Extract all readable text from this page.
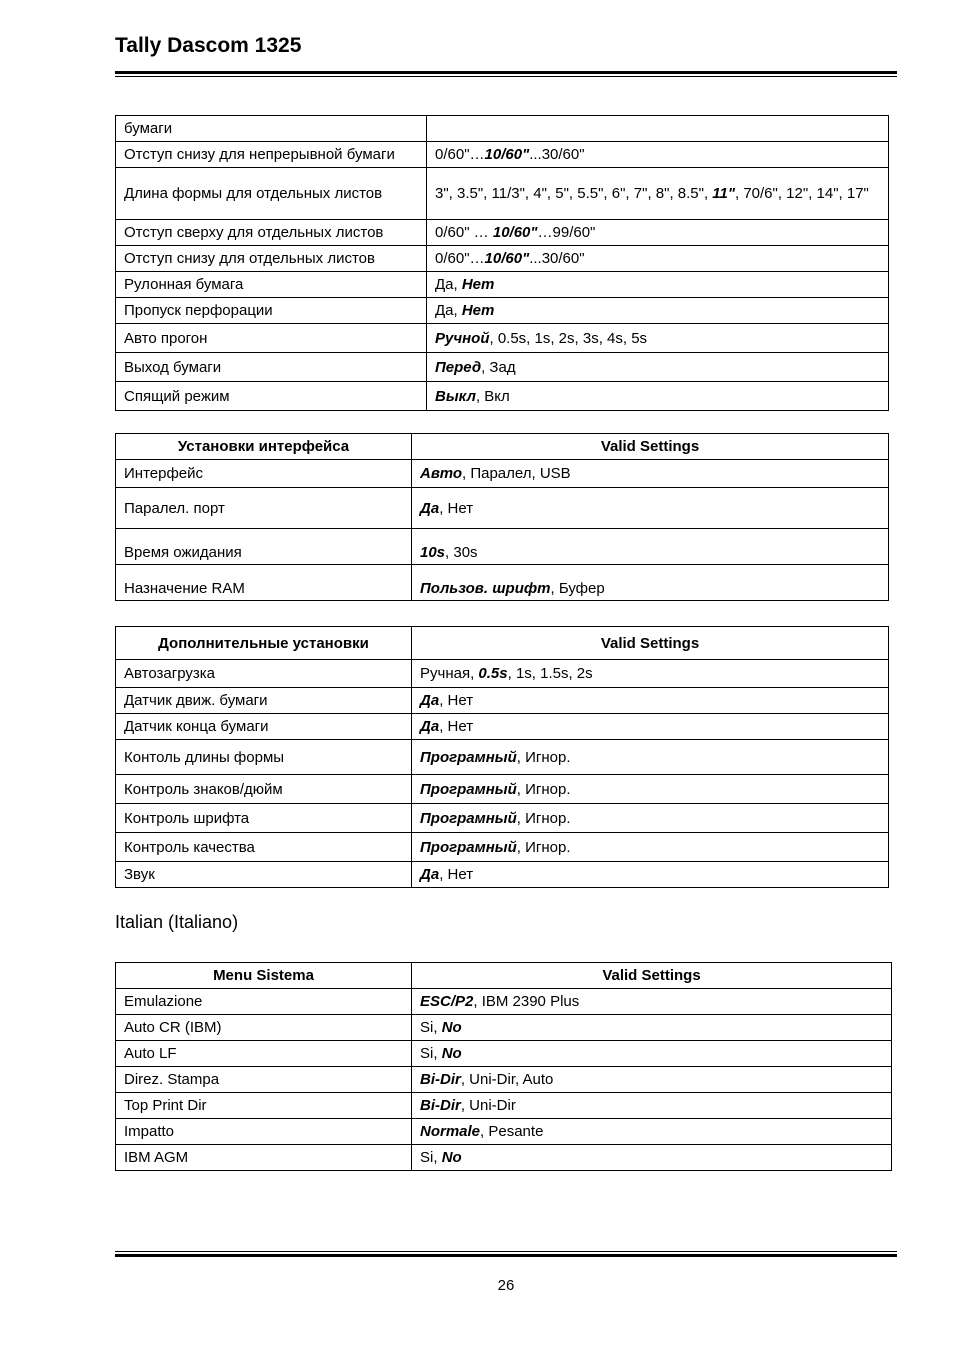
Tally Dascom 1325
бумаги	
Отступ снизу для непрерывной бумаги	0/60"…10/60"...30/60"
Длина формы для отдельных листов	3", 3.5", 11/3", 4", 5", 5.5", 6", 7", 8", 8.5", 11", 70/6", 12", 14", 17"
Отступ сверху для отдельных листов	0/60" … 10/60"…99/60"
Отступ снизу для отдельных листов	0/60"…10/60"...30/60"
Рулонная бумага	Да, Нет
Пропуск перфорации	Да, Нет
Авто прогон	Ручной, 0.5s, 1s, 2s, 3s, 4s, 5s
Выход бумаги	Перед, Зад
Спящий режим	Выкл, Вкл
Установки интерфейса	Valid Settings
Интерфейс	Авто, Паралел, USB
Паралел. порт	Да, Нет
Время ожидания	10s, 30s
Назначение RAM	Пользов. шрифт, Буфер
Дополнительные установки	Valid Settings
Автозагрузка	Ручная, 0.5s, 1s, 1.5s, 2s
Датчик движ. бумаги	Да, Нет
Датчик конца бумаги	Да, Нет
Контоль длины формы	Програмный, Игнор.
Контроль знаков/дюйм	Програмный, Игнор.
Контроль шрифта	Програмный, Игнор.
Контроль качества	Програмный, Игнор.
Звук	Да, Нет
Italian (Italiano)
Menu Sistema	Valid Settings
Emulazione	ESC/P2, IBM 2390 Plus
Auto CR (IBM)	Si, No
Auto LF	Si, No
Direz. Stampa	Bi-Dir, Uni-Dir, Auto
Top Print Dir	Bi-Dir, Uni-Dir
Impatto	Normale, Pesante
IBM AGM	Si, No
26
